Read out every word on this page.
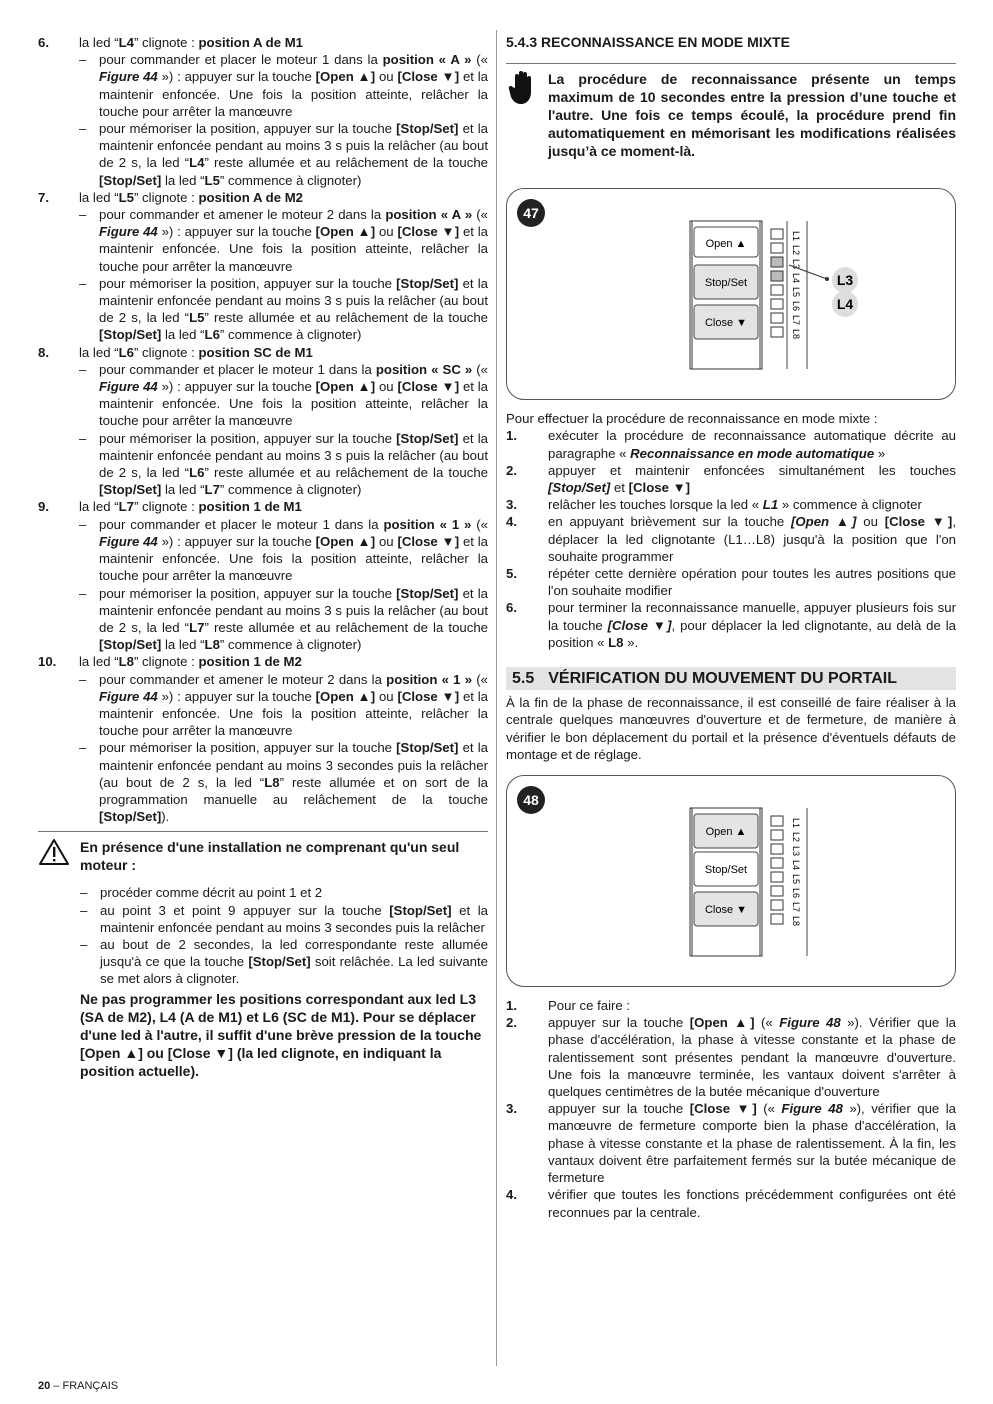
6. la led “L4” clignote : position A de M1
– pour commander et placer le moteur 1 dans la position « A » (« Figure 44 ») : appuyer sur la touche [Open ▲] ou [Close ▼] et la maintenir enfoncée. Une fois la position atteinte, relâcher la touche pour arrêter la manœuvre
– pour mémoriser la position, appuyer sur la touche [Stop/Set] et la maintenir enfoncée pendant au moins 3 s puis la relâcher (au bout de 2 s, la led “L4” reste allumée et au relâchement de la touche [Stop/Set] la led “L5” commence à clignoter)
7. la led “L5” clignote : position A de M2
– pour commander et amener le moteur 2 dans la position « A » (« Figure 44 ») : appuyer sur la touche [Open ▲] ou [Close ▼] et la maintenir enfoncée. Une fois la position atteinte, relâcher la touche pour arrêter la manœuvre
– pour mémoriser la position, appuyer sur la touche [Stop/Set] et la maintenir enfoncée pendant au moins 3 s puis la relâcher (au bout de 2 s, la led “L5” reste allumée et au relâchement de la touche [Stop/Set] la led “L6” commence à clignoter)
8. la led “L6” clignote : position SC de M1
– pour commander et placer le moteur 1 dans la position « SC » (« Figure 44 ») : appuyer sur la touche [Open ▲] ou [Close ▼] et la maintenir enfoncée. Une fois la position atteinte, relâcher la touche pour arrêter la manœuvre
– pour mémoriser la position, appuyer sur la touche [Stop/Set] et la maintenir enfoncée pendant au moins 3 s puis la relâcher (au bout de 2 s, la led “L6” reste allumée et au relâchement de la touche [Stop/Set] la led “L7” commence à clignoter)
9. la led “L7” clignote : position 1 de M1
– pour commander et placer le moteur 1 dans la position « 1 » (« Figure 44 ») : appuyer sur la touche [Open ▲] ou [Close ▼] et la maintenir enfoncée. Une fois la position atteinte, relâcher la touche pour arrêter la manœuvre
– pour mémoriser la position, appuyer sur la touche [Stop/Set] et la maintenir enfoncée pendant au moins 3 s puis la relâcher (au bout de 2 s, la led “L7” reste allumée et au relâchement de la touche [Stop/Set] la led “L8” commence à clignoter)
10. la led “L8” clignote : position 1 de M2
– pour commander et amener le moteur 2 dans la position « 1 » (« Figure 44 ») : appuyer sur la touche [Open ▲] ou [Close ▼] et la maintenir enfoncée. Une fois la position atteinte, relâcher la touche pour arrêter la manœuvre
– pour mémoriser la position, appuyer sur la touche [Stop/Set] et la maintenir enfoncée pendant au moins 3 secondes puis la relâcher (au bout de 2 s, la led “L8” reste allumée et on sort de la programmation manuelle au relâchement de la touche [Stop/Set]).
En présence d'une installation ne comprenant qu'un seul moteur :
– procéder comme décrit au point 1 et 2
– au point 3 et point 9 appuyer sur la touche [Stop/Set] et la maintenir enfoncée pendant au moins 3 secondes puis la relâcher
– au bout de 2 secondes, la led correspondante reste allumée jusqu'à ce que la touche [Stop/Set] soit relâchée. La led suivante se met alors à clignoter.
Ne pas programmer les positions correspondant aux led L3 (SA de M2), L4 (A de M1) et L6 (SC de M1). Pour se déplacer d'une led à l'autre, il suffit d'une brève pression de la touche [Open ▲] ou [Close ▼] (la led clignote, en indiquant la position actuelle).
5.4.3 RECONNAISSANCE EN MODE MIXTE
La procédure de reconnaissance présente un temps maximum de 10 secondes entre la pression d’une touche et l'autre. Une fois ce temps écoulé, la procédure prend fin automatiquement en mémorisant les modifications réalisées jusqu’à ce moment-là.
47
Open ▲
Stop/Set
Close ▼
L1
L2
L3
L4
L5
L6
L7
L8
L3
L4
Pour effectuer la procédure de reconnaissance en mode mixte :
1. exécuter la procédure de reconnaissance automatique décrite au paragraphe « Reconnaissance en mode automatique »
2. appuyer et maintenir enfoncées simultanément les touches [Stop/Set] et [Close ▼]
3. relâcher les touches lorsque la led « L1 » commence à clignoter
4. en appuyant brièvement sur la touche [Open ▲] ou [Close ▼], déplacer la led clignotante (L1…L8) jusqu'à la position que l'on souhaite programmer
5. répéter cette dernière opération pour toutes les autres positions que l'on souhaite modifier
6. pour terminer la reconnaissance manuelle, appuyer plusieurs fois sur la touche [Close ▼], pour déplacer la led clignotante, au delà de la position « L8 ».
5.5 VÉRIFICATION DU MOUVEMENT DU PORTAIL
À la fin de la phase de reconnaissance, il est conseillé de faire réaliser à la centrale quelques manœuvres d'ouverture et de fermeture, de manière à vérifier le bon déplacement du portail et la présence d'éventuels défauts de montage et de réglage.
48
Open ▲
Stop/Set
Close ▼
L1
L2
L3
L4
L5
L6
L7
L8
1. Pour ce faire :
2. appuyer sur la touche [Open ▲] (« Figure 48 »). Vérifier que la phase d'accélération, la phase à vitesse constante et la phase de ralentissement sont présentes pendant la manœuvre d'ouverture. Une fois la manœuvre terminée, les vantaux doivent s'arrêter à quelques centimètres de la butée mécanique d'ouverture
3. appuyer sur la touche [Close ▼] (« Figure 48 »), vérifier que la manœuvre de fermeture comporte bien la phase d'accélération, la phase à vitesse constante et la phase de ralentissement. À la fin, les vantaux doivent être parfaitement fermés sur la butée mécanique de fermeture
4. vérifier que toutes les fonctions précédemment configurées ont été reconnues par la centrale.
20 – FRANÇAIS
